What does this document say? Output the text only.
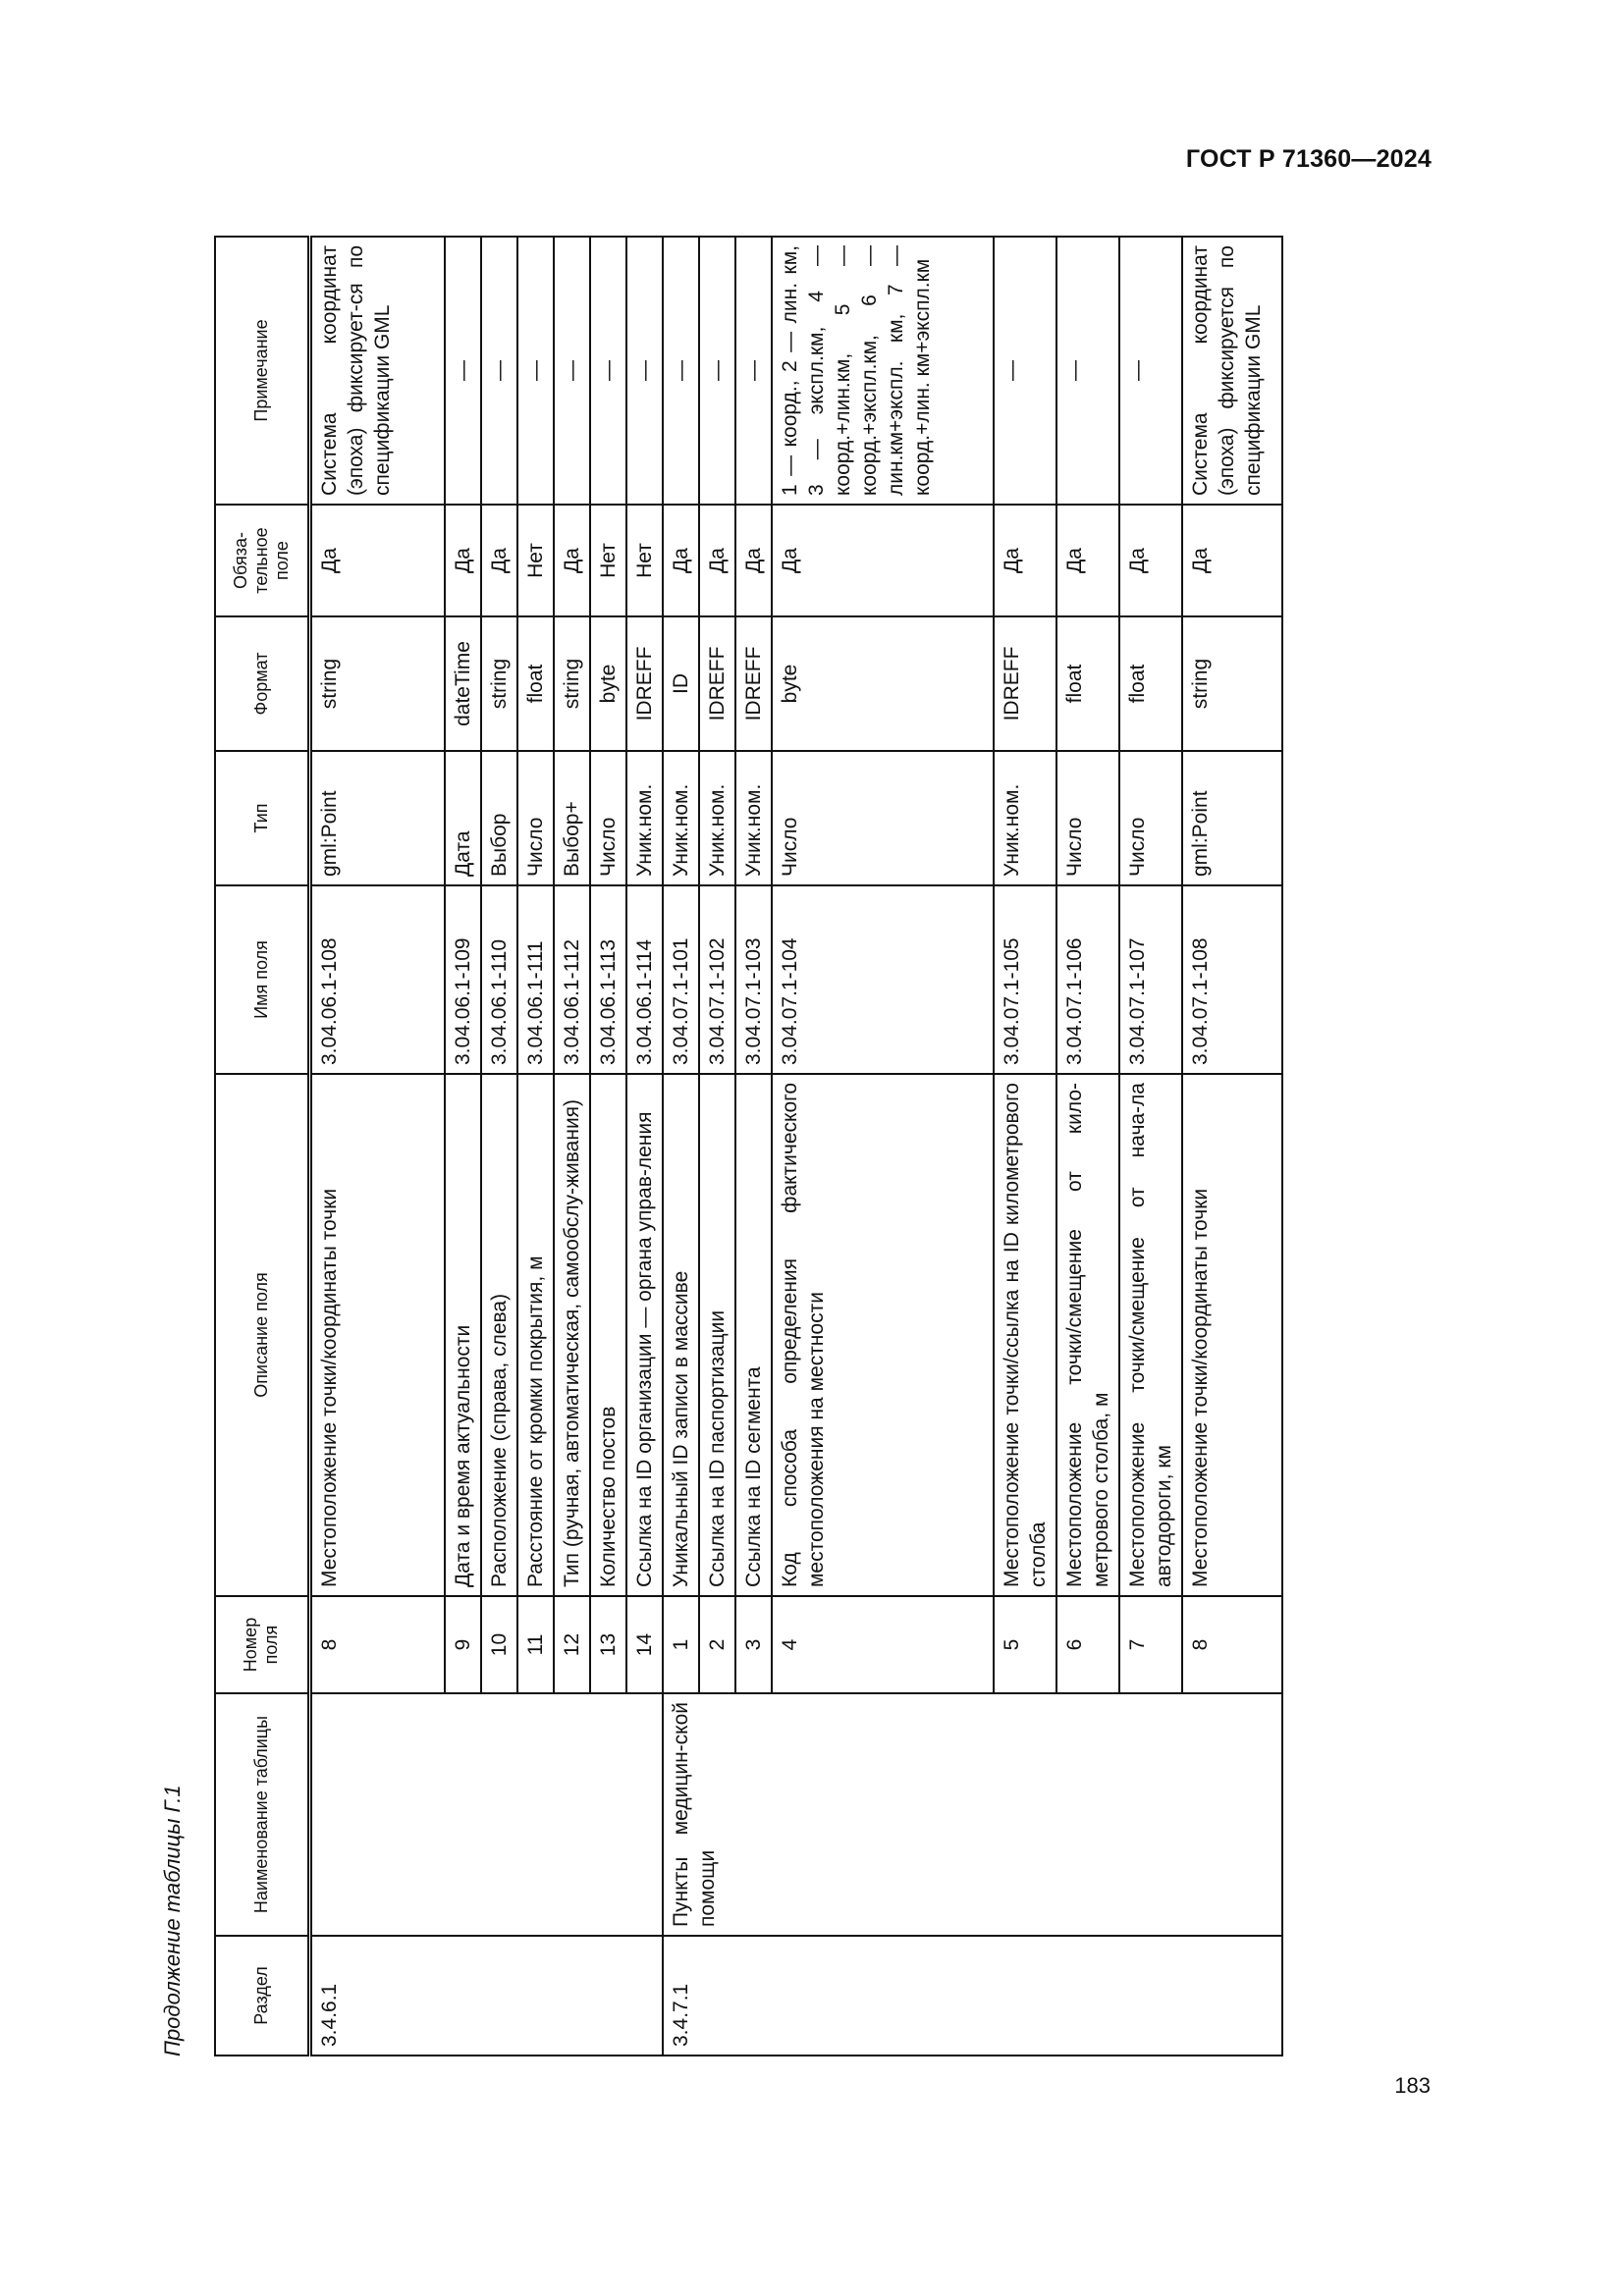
ГОСТ Р 71360—2024
Продолжение таблицы Г.1	Раздел	Наименование таблицы	Номер поля	Описание поля	Имя поля	Тип	Формат	Обяза-тельное поле	Примечание
3.4.6.1		8	Местоположение точки/координаты точки	3.04.06.1-108	gml:Point	string	Да	Система координат (эпоха) фиксирует-ся по спецификации GML
		9	Дата и время актуальности	3.04.06.1-109	Дата	dateTime	Да	—
		10	Расположение (справа, слева)	3.04.06.1-110	Выбор	string	Да	—
		11	Расстояние от кромки покрытия, м	3.04.06.1-111	Число	float	Нет	—
		12	Тип (ручная, автоматическая, самообслу-живания)	3.04.06.1-112	Выбор+	string	Да	—
		13	Количество постов	3.04.06.1-113	Число	byte	Нет	—
		14	Ссылка на ID организации — органа управ-ления	3.04.06.1-114	Уник.ном.	IDREFF	Нет	—
3.4.7.1	Пункты медицин-ской помощи	1	Уникальный ID записи в массиве	3.04.07.1-101	Уник.ном.	ID	Да	—
		2	Ссылка на ID паспортизации	3.04.07.1-102	Уник.ном.	IDREFF	Да	—
		3	Ссылка на ID сегмента	3.04.07.1-103	Уник.ном.	IDREFF	Да	—
		4	Код способа определения фактического местоположения на местности	3.04.07.1-104	Число	byte	Да	1 — коорд., 2 — лин. км, 3 — экспл.км, 4 — коорд.+лин.км, 5 — коорд.+экспл.км, 6 — лин.км+экспл. км, 7 — коорд.+лин. км+экспл.км
		5	Местоположение точки/ссылка на ID километрового столба	3.04.07.1-105	Уник.ном.	IDREFF	Да	—
		6	Местоположение точки/смещение от кило-метрового столба, м	3.04.07.1-106	Число	float	Да	—
		7	Местоположение точки/смещение от нача-ла автодороги, км	3.04.07.1-107	Число	float	Да	—
		8	Местоположение точки/координаты точки	3.04.07.1-108	gml:Point	string	Да	Система координат (эпоха) фиксируется по спецификации GML
183
